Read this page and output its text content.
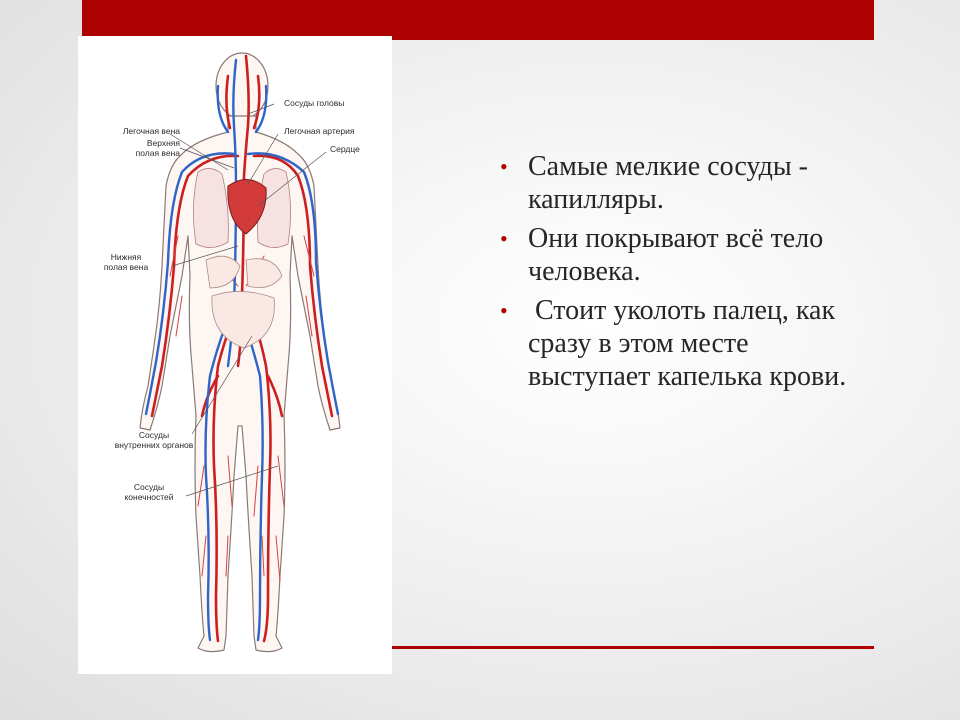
Сосуды головы
Легочная вена
Верхняя
полая вена
Легочная артерия
Сердце
Нижняя
полая вена
Сосуды
внутренних органов
Сосуды
конечностей
• Самые мелкие сосуды - капилляры.
• Они покрывают всё тело человека.
• Стоит уколоть палец, как сразу в этом месте выступает капелька крови.
